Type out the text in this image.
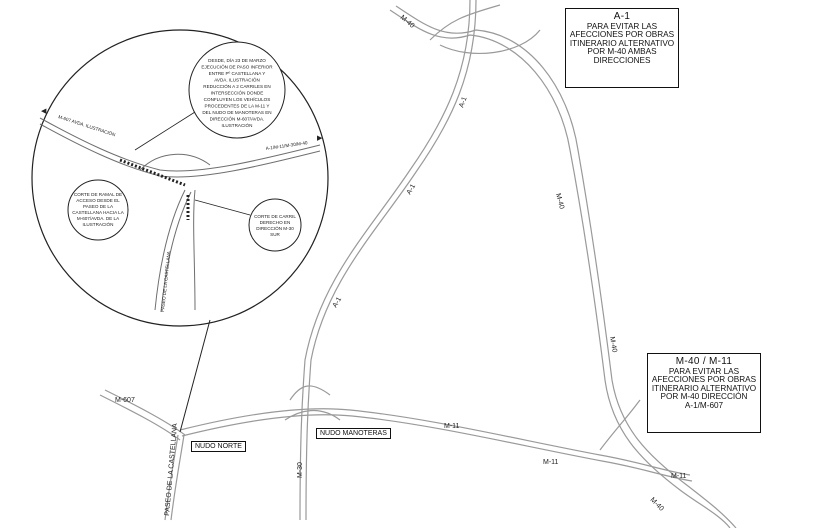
DESDE, DÍA 23 DE MARZO
EJECUCIÓN DE PASO INFERIOR
ENTRE Pº CASTELLANA Y
AVDA. ILUSTRACIÓN
REDUCCIÓN A 2 CARRILES EN
INTERSECCIÓN DONDE
CONFLUYEN LOS VEHÍCULOS
PROCEDENTES DE LA M-11 Y
DEL NUDO DE MANOTERAS EN
DIRECCIÓN M-607/AVDA.
ILUSTRACIÓN
CORTE DE RAMAL DE
ACCESO DESDE EL
PASEO DE LA
CASTELLANA HACIA LA
M-607/AVDA. DE LA
ILUSTRACIÓN
CORTE DE CARRIL
DERECHO EN
DIRECCIÓN M-30
SUR
M-40
A-1
A-1
A-1
M-40
M-40
M-40
M-11
M-11
M-11
M-30
M-607
PASEO DE LA CASTELLANA
PASEO DE LA CASTELLANA
M-607 AVDA. ILUSTRACIÓN
A-1/M-11/M-30/M-40
◀
▶
A-1
PARA EVITAR LAS
AFECCIONES POR OBRAS
ITINERARIO ALTERNATIVO
POR M-40 AMBAS
DIRECCIONES
M-40 / M-11
PARA EVITAR LAS
AFECCIONES POR OBRAS
ITINERARIO ALTERNATIVO
POR M-40 DIRECCIÓN
A-1/M-607
NUDO NORTE
NUDO MANOTERAS
